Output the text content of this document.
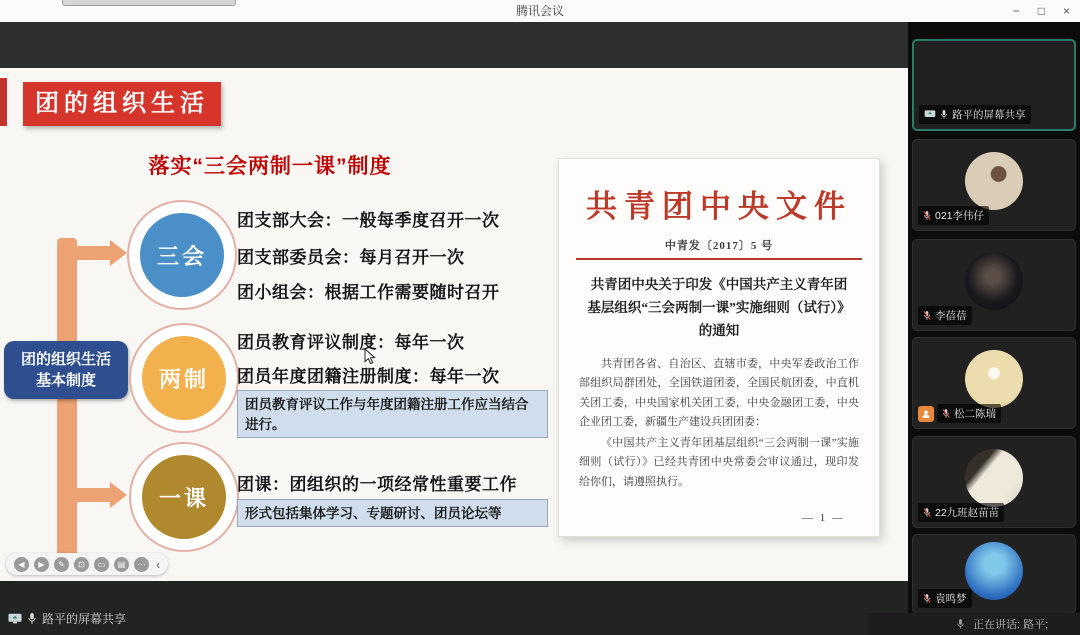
腾讯会议	− □ ×
团的组织生活
落实“三会两制一课”制度
团的组织生活
基本制度
三会
两制
一课
团支部大会：一般每季度召开一次
团支部委员会：每月召开一次
团小组会：根据工作需要随时召开
团员教育评议制度：每年一次
团员年度团籍注册制度：每年一次
团员教育评议工作与年度团籍注册工作应当结合进行。
团课：团组织的一项经常性重要工作
形式包括集体学习、专题研讨、团员论坛等
共青团中央文件
中青发〔2017〕5 号
共青团中央关于印发《中国共产主义青年团
基层组织“三会两制一课”实施细则（试行）》
的通知

共青团各省、自治区、直辖市委，中央军委政治工作部组织局群团处，全国铁道团委，全国民航团委，中直机关团工委，中央国家机关团工委，中央金融团工委，中央企业团工委，新疆生产建设兵团团委：

《中国共产主义青年团基层组织“三会两制一课”实施细则（试行）》已经共青团中央常委会审议通过，现印发给你们，请遵照执行。

— 1 —
◀	▶	✎	⊡	▭	▤	⋯ ‹
路平的屏幕共享
路平的屏幕共享
021李伟仔
李蓓蓓
松二陈瑞
22九班赵苗苗
袁鸣梦
正在讲话: 路平;
